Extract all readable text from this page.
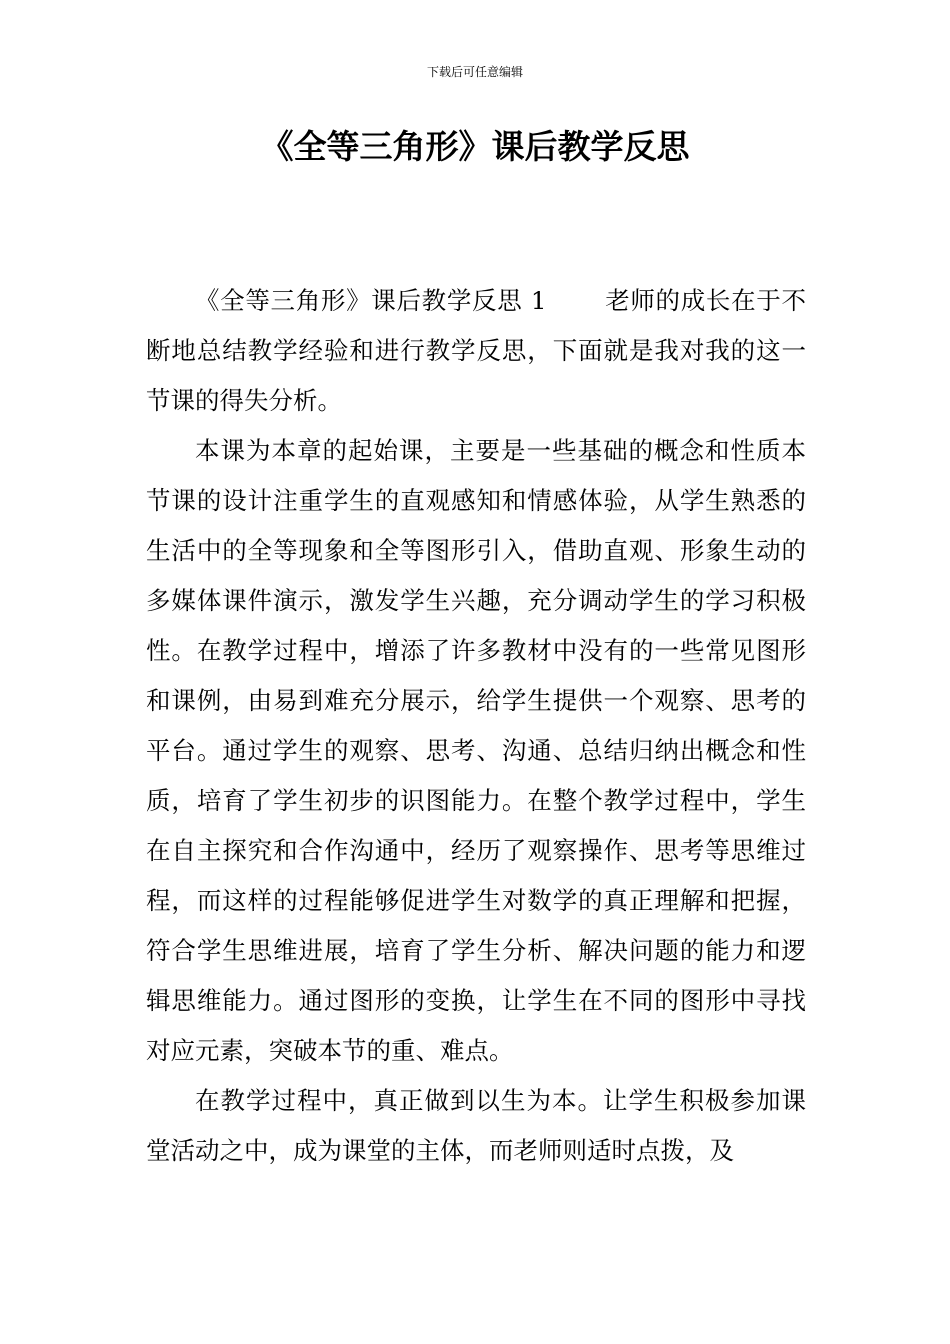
下载后可任意编辑
《全等三角形》课后教学反思

《全等三角形》课后教学反思 1 老师的成长在于不断地总结教学经验和进行教学反思，下面就是我对我的这一节课的得失分析。

本课为本章的起始课，主要是一些基础的概念和性质本节课的设计注重学生的直观感知和情感体验，从学生熟悉的生活中的全等现象和全等图形引入，借助直观、形象生动的多媒体课件演示，激发学生兴趣，充分调动学生的学习积极性。在教学过程中，增添了许多教材中没有的一些常见图形和课例，由易到难充分展示，给学生提供一个观察、思考的平台。通过学生的观察、思考、沟通、总结归纳出概念和性质，培育了学生初步的识图能力。在整个教学过程中，学生在自主探究和合作沟通中，经历了观察操作、思考等思维过程，而这样的过程能够促进学生对数学的真正理解和把握，符合学生思维进展，培育了学生分析、解决问题的能力和逻辑思维能力。通过图形的变换，让学生在不同的图形中寻找对应元素，突破本节的重、难点。

在教学过程中，真正做到以生为本。让学生积极参加课堂活动之中，成为课堂的主体，而老师则适时点拨，及
